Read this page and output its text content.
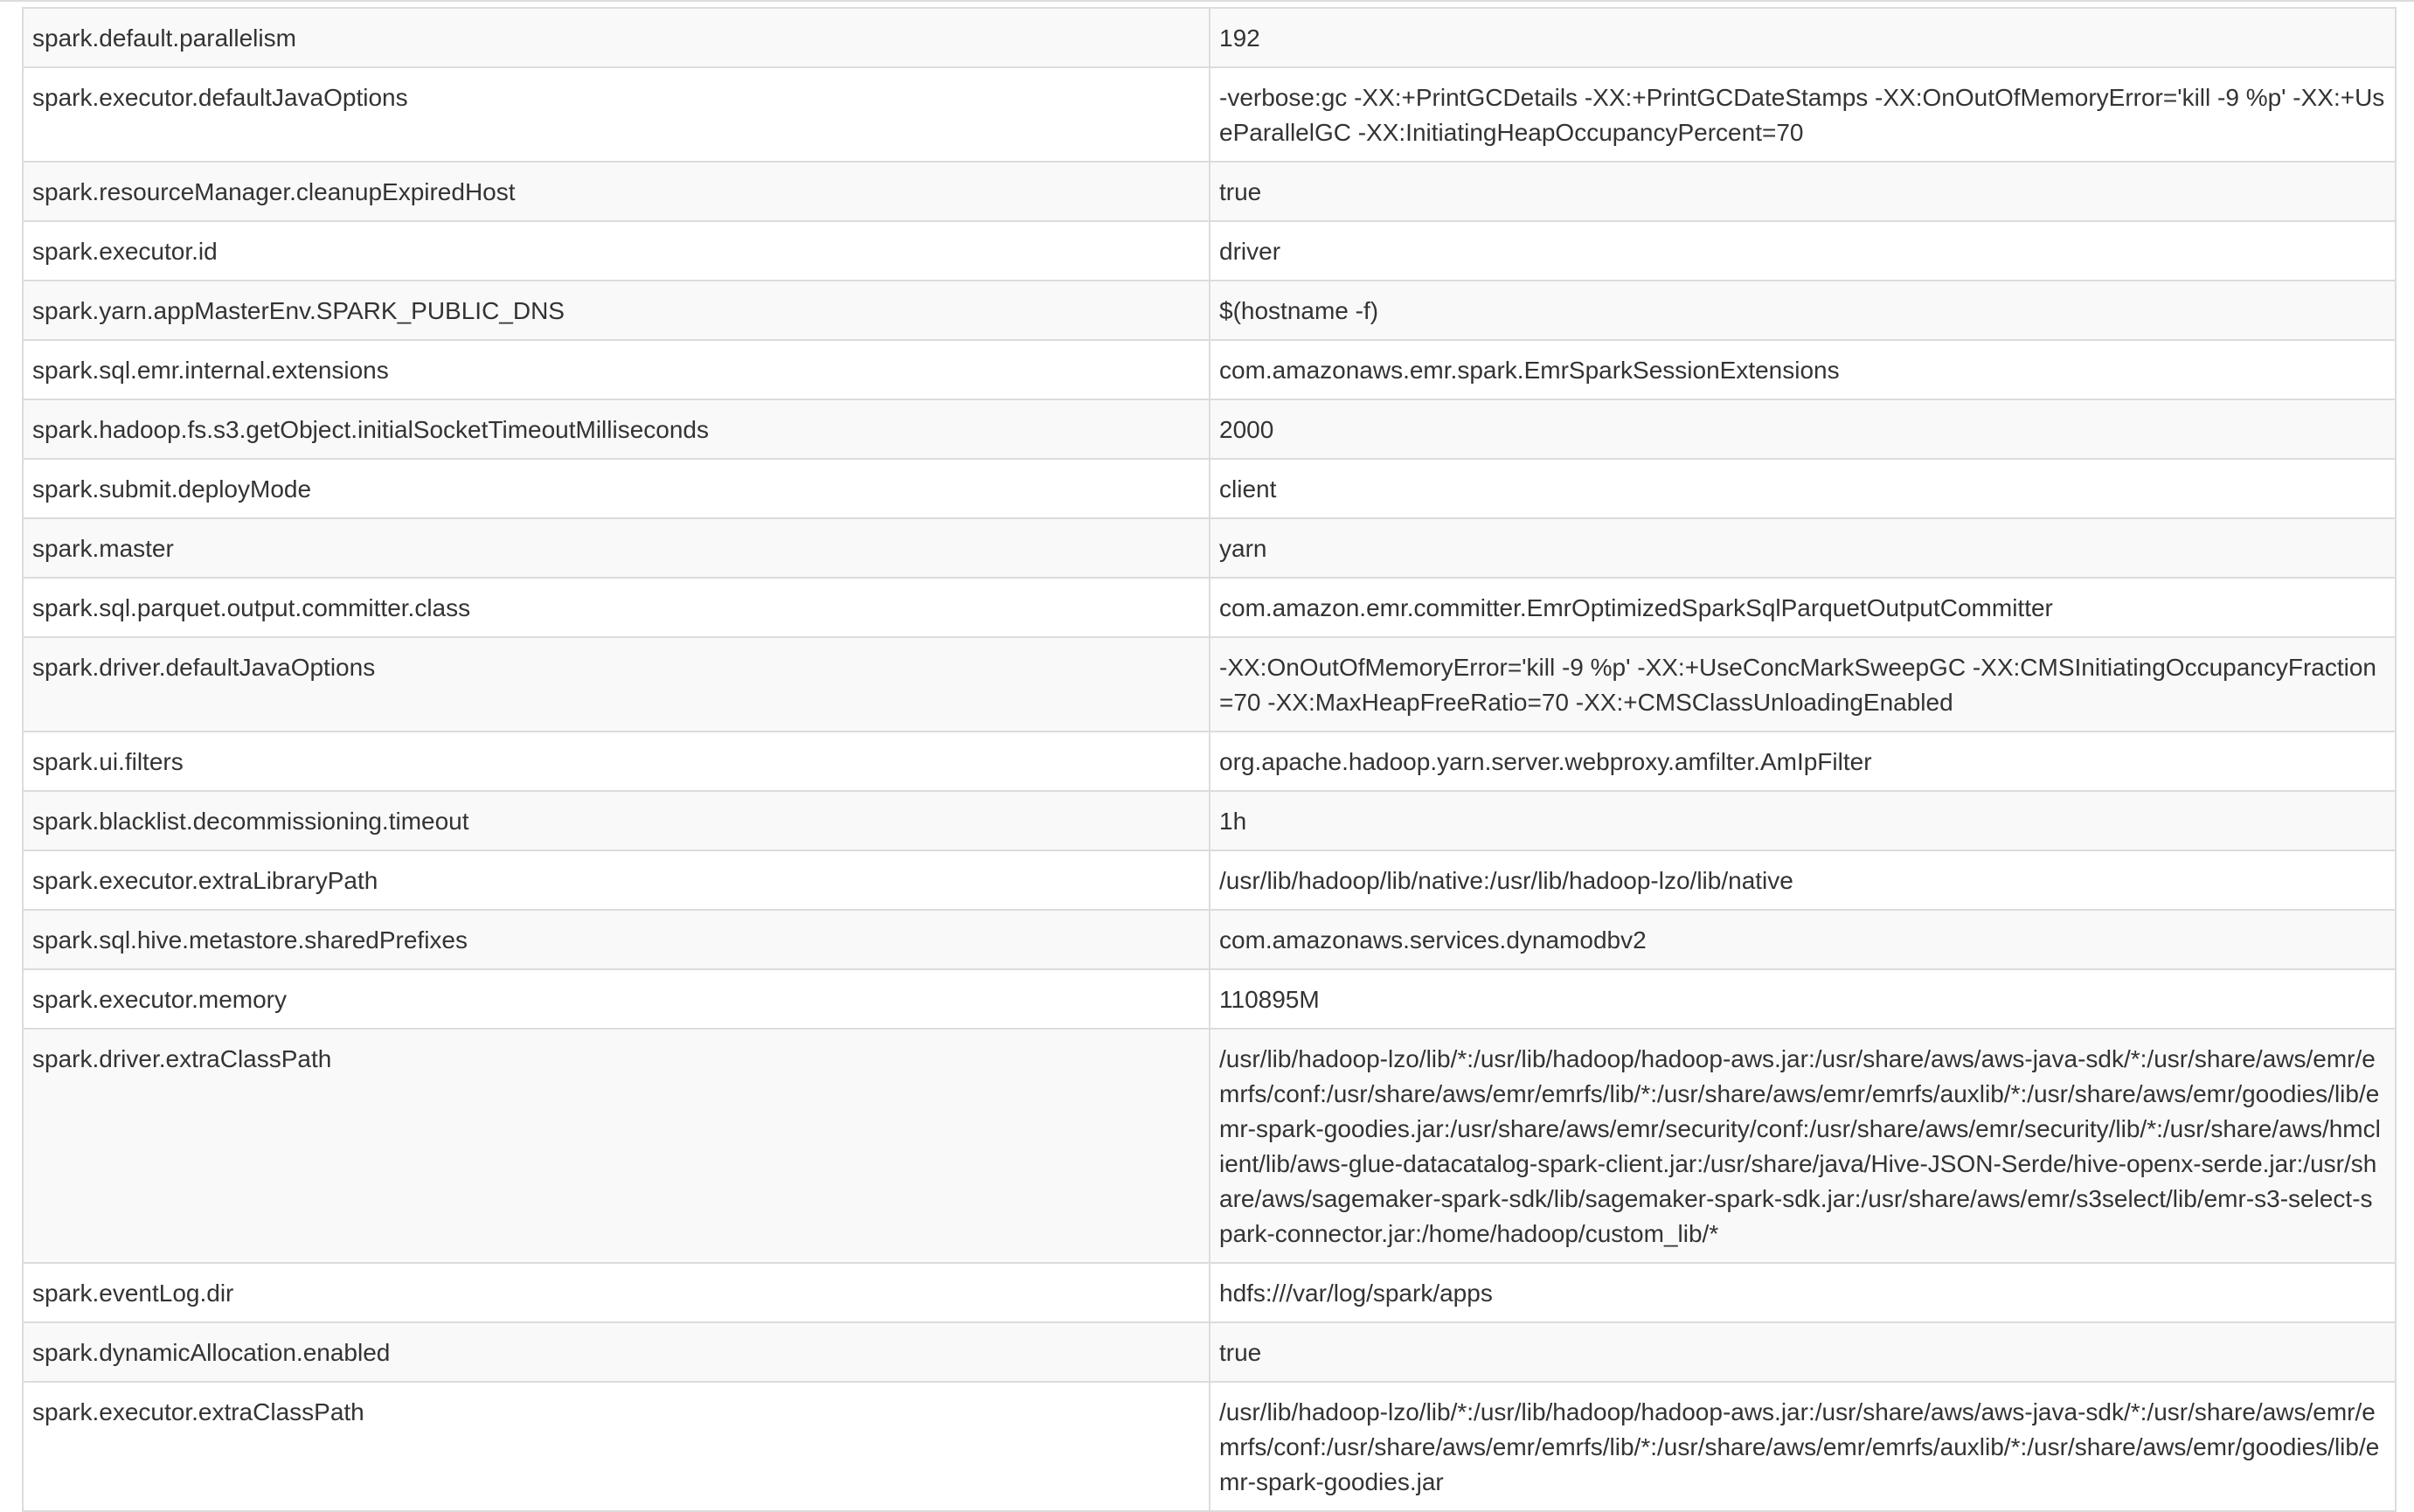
spark.default.parallelism	192
spark.executor.defaultJavaOptions	-verbose:gc -XX:+PrintGCDetails -XX:+PrintGCDateStamps -XX:OnOutOfMemoryError='kill -9 %p' -XX:+UseParallelGC -XX:InitiatingHeapOccupancyPercent=70
spark.resourceManager.cleanupExpiredHost	true
spark.executor.id	driver
spark.yarn.appMasterEnv.SPARK_PUBLIC_DNS	$(hostname -f)
spark.sql.emr.internal.extensions	com.amazonaws.emr.spark.EmrSparkSessionExtensions
spark.hadoop.fs.s3.getObject.initialSocketTimeoutMilliseconds	2000
spark.submit.deployMode	client
spark.master	yarn
spark.sql.parquet.output.committer.class	com.amazon.emr.committer.EmrOptimizedSparkSqlParquetOutputCommitter
spark.driver.defaultJavaOptions	-XX:OnOutOfMemoryError='kill -9 %p' -XX:+UseConcMarkSweepGC -XX:CMSInitiatingOccupancyFraction=70 -XX:MaxHeapFreeRatio=70 -XX:+CMSClassUnloadingEnabled
spark.ui.filters	org.apache.hadoop.yarn.server.webproxy.amfilter.AmIpFilter
spark.blacklist.decommissioning.timeout	1h
spark.executor.extraLibraryPath	/usr/lib/hadoop/lib/native:/usr/lib/hadoop-lzo/lib/native
spark.sql.hive.metastore.sharedPrefixes	com.amazonaws.services.dynamodbv2
spark.executor.memory	110895M
spark.driver.extraClassPath	/usr/lib/hadoop-lzo/lib/*:/usr/lib/hadoop/hadoop-aws.jar:/usr/share/aws/aws-java-sdk/*:/usr/share/aws/emr/emrfs/conf:/usr/share/aws/emr/emrfs/lib/*:/usr/share/aws/emr/emrfs/auxlib/*:/usr/share/aws/emr/goodies/lib/emr-spark-goodies.jar:/usr/share/aws/emr/security/conf:/usr/share/aws/emr/security/lib/*:/usr/share/aws/hmclient/lib/aws-glue-datacatalog-spark-client.jar:/usr/share/java/Hive-JSON-Serde/hive-openx-serde.jar:/usr/share/aws/sagemaker-spark-sdk/lib/sagemaker-spark-sdk.jar:/usr/share/aws/emr/s3select/lib/emr-s3-select-spark-connector.jar:/home/hadoop/custom_lib/*
spark.eventLog.dir	hdfs:///var/log/spark/apps
spark.dynamicAllocation.enabled	true
spark.executor.extraClassPath	/usr/lib/hadoop-lzo/lib/*:/usr/lib/hadoop/hadoop-aws.jar:/usr/share/aws/aws-java-sdk/*:/usr/share/aws/emr/emrfs/conf:/usr/share/aws/emr/emrfs/lib/*:/usr/share/aws/emr/emrfs/auxlib/*:/usr/share/aws/emr/goodies/lib/emr-spark-goodies.jar
